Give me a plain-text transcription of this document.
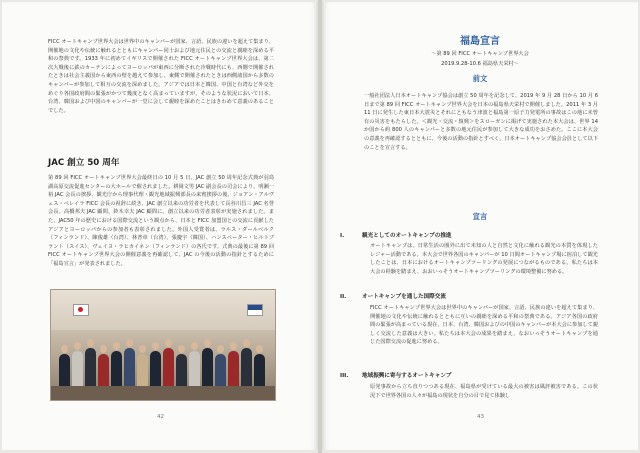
FICC オートキャンプ世界大会は世界中のキャンパーが国家、言語、民族の違いを超えて集まり、開催地の文化や伝統に触れるとともにキャンパー同士および地元住民との交流と親睦を深める平和の祭典です。1933 年に初めてイギリスで開催された FICC オートキャンプ世界大会は、第二次大戦後に鉄のカーテンによってヨーロッパが東西に分断された冷戦時代にも、西側で開催されたときは社会主義国から東西の壁を越えて参加し、東側で開催されたときは西側諸国から多数のキャンパーが参加して相互の交流を深めました。アジアでは日本と韓国、中国と台湾など外交をめぐり各国政府間の緊張がかつて幾度となく高まっていますが、そのような状況において日本、台湾、韓国および中国のキャンパーが一堂に会して親睦を深めたことはきわめて意義のあることでした。

JAC 創立 50 周年

第 89 回 FICC オートキャンプ世界大会最終日の 10 月 5 日、JAC 創立 50 周年記念式典が羽鳥湖高原交流促進センターの大ホールで催されました。耕岡文男 JAC 副会長の司会により、明瀬一裕 JAC 会長の挨拶、観光庁から理事代理・観光地域振興部長の来賓挨拶の後、ジョアン・アルヴェス・ペレイラ FICC 会長の祝辞に続き、JAC 創立以来の功労者を代表して長谷川昌三 JAC 名誉会長、高橋邦夫 JAC 顧問、鈴木幸夫 JAC 顧問に、創立以来の功労者表彰が実施されました。また、JAC50 年の歴史における国際交流という観点から、日本と FICC 加盟国との交流に貢献したアジアとヨーロッパからの参加者も表彰されました。外国人受賞者は、ラルス・ダールベルク（フィンランド）、陳俊雄（台湾）、林普章（台湾）、張慶宇（韓国）、ハンスペーター・ヒルトブラント（スイス）、ヴェイヨ・ラヒカイネン（フィンランド）の各氏です。式典の最後に第 89 回 FICC オートキャンプ世界大会の開催意義を再確認して、JAC の今後の活動の指針とするために「福島宣言」が発表されました。

42

福島宣言

〜第 89 回 FICC オートキャンプ世界大会

2019.9.28-10.6 福島県天栄村〜

前文

一般社団法人日本オートキャンプ協会は創立 50 周年を記念して、2019 年 9 月 28 日から 10 月 6 日まで第 89 回 FICC オートキャンプ世界大会を日本の福島県天栄村で開催しました。2011 年 3 月 11 日に発生した東日本大震災とそれにともなう津波と福島第一原子力発電所の事故はこの地に未曾有の災害をもたらした。＜観光・交流・復興＞をスローガンに掲げて実施された本大会は、世界 14 か国から約 800 人のキャンパーと多数の地元住民が参加して大きな成功をおさめた。ここに本大会の意義を再確認するとともに、今後の活動の指針とすべく、日本オートキャンプ協会会員として以下のことを宣言する。

宣言

I.	観光としてのオートキャンプの推進

オートキャンプは、日常生活の圏外に出て未知の人と自然と文化に触れる観光の本質を体現したレジャー活動である。本大会で世界各国のキャンパーが 10 日間オートキャンプ場に宿泊して観光したことは、日本におけるオートキャンプツーリングの発展につながるものである。私たちは本大会の経験を踏まえ、おおいっそうオートキャンプツーリングの環境整備に努める。

II.	オートキャンプを通した国際交流

FICC オートキャンプ世界大会は世界中のキャンパーが国家、言語、民族の違いを超えて集まり、開催地の文化や伝統に触れるとともに互いの親睦を深める平和の祭典である。アジア各国の政府間の緊張が高まっている現在、日本、台湾、韓国およびの中国のキャンパーが本大会に参加して親しく交流した意義は大きい。私たちは本大会の成果を踏まえ、なおいっそうオートキャンプを通じた国際交流の促進に努める。

III. 地域振興に寄与するオートキャンプ

原発事故から立ち直りつつある現在、福島県が受けている最大の被害は風評被害である。この状況下で世界各国の人々が福島の現状を自分の目で見て体験し

43
